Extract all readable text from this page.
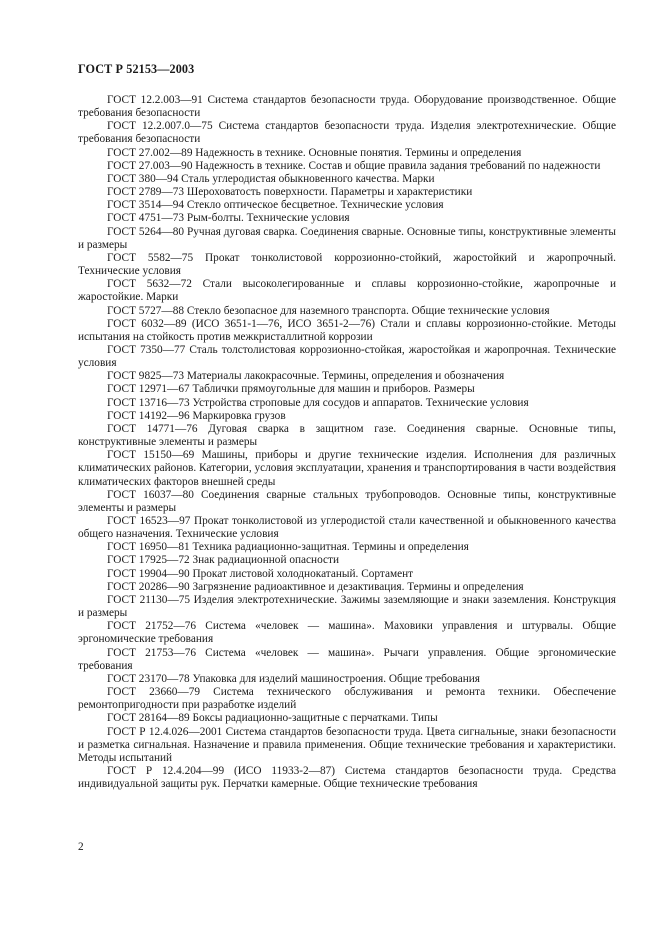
ГОСТ Р 52153—2003

ГОСТ 12.2.003—91 Система стандартов безопасности труда. Оборудование производственное. Общие требования безопасности

ГОСТ 12.2.007.0—75 Система стандартов безопасности труда. Изделия электротехнические. Общие требования безопасности

ГОСТ 27.002—89 Надежность в технике. Основные понятия. Термины и определения

ГОСТ 27.003—90 Надежность в технике. Состав и общие правила задания требований по надежности

ГОСТ 380—94 Сталь углеродистая обыкновенного качества. Марки

ГОСТ 2789—73 Шероховатость поверхности. Параметры и характеристики

ГОСТ 3514—94 Стекло оптическое бесцветное. Технические условия

ГОСТ 4751—73 Рым-болты. Технические условия

ГОСТ 5264—80 Ручная дуговая сварка. Соединения сварные. Основные типы, конструктивные элементы и размеры

ГОСТ 5582—75 Прокат тонколистовой коррозионно-стойкий, жаростойкий и жаропрочный. Технические условия

ГОСТ 5632—72 Стали высоколегированные и сплавы коррозионно-стойкие, жаропрочные и жаростойкие. Марки

ГОСТ 5727—88 Стекло безопасное для наземного транспорта. Общие технические условия

ГОСТ 6032—89 (ИСО 3651-1—76, ИСО 3651-2—76) Стали и сплавы коррозионно-стойкие. Методы испытания на стойкость против межкристаллитной коррозии

ГОСТ 7350—77 Сталь толстолистовая коррозионно-стойкая, жаростойкая и жаропрочная. Технические условия

ГОСТ 9825—73 Материалы лакокрасочные. Термины, определения и обозначения

ГОСТ 12971—67 Таблички прямоугольные для машин и приборов. Размеры

ГОСТ 13716—73 Устройства строповые для сосудов и аппаратов. Технические условия

ГОСТ 14192—96 Маркировка грузов

ГОСТ 14771—76 Дуговая сварка в защитном газе. Соединения сварные. Основные типы, конструктивные элементы и размеры

ГОСТ 15150—69 Машины, приборы и другие технические изделия. Исполнения для различных климатических районов. Категории, условия эксплуатации, хранения и транспортирования в части воздействия климатических факторов внешней среды

ГОСТ 16037—80 Соединения сварные стальных трубопроводов. Основные типы, конструктивные элементы и размеры

ГОСТ 16523—97 Прокат тонколистовой из углеродистой стали качественной и обыкновенного качества общего назначения. Технические условия

ГОСТ 16950—81 Техника радиационно-защитная. Термины и определения

ГОСТ 17925—72 Знак радиационной опасности

ГОСТ 19904—90 Прокат листовой холоднокатаный. Сортамент

ГОСТ 20286—90 Загрязнение радиоактивное и дезактивация. Термины и определения

ГОСТ 21130—75 Изделия электротехнические. Зажимы заземляющие и знаки заземления. Конструкция и размеры

ГОСТ 21752—76 Система «человек — машина». Маховики управления и штурвалы. Общие эргономические требования

ГОСТ 21753—76 Система «человек — машина». Рычаги управления. Общие эргономические требования

ГОСТ 23170—78 Упаковка для изделий машиностроения. Общие требования

ГОСТ 23660—79 Система технического обслуживания и ремонта техники. Обеспечение ремонтопригодности при разработке изделий

ГОСТ 28164—89 Боксы радиационно-защитные с перчатками. Типы

ГОСТ Р 12.4.026—2001 Система стандартов безопасности труда. Цвета сигнальные, знаки безопасности и разметка сигнальная. Назначение и правила применения. Общие технические требования и характеристики. Методы испытаний

ГОСТ Р 12.4.204—99 (ИСО 11933-2—87) Система стандартов безопасности труда. Средства индивидуальной защиты рук. Перчатки камерные. Общие технические требования

2
